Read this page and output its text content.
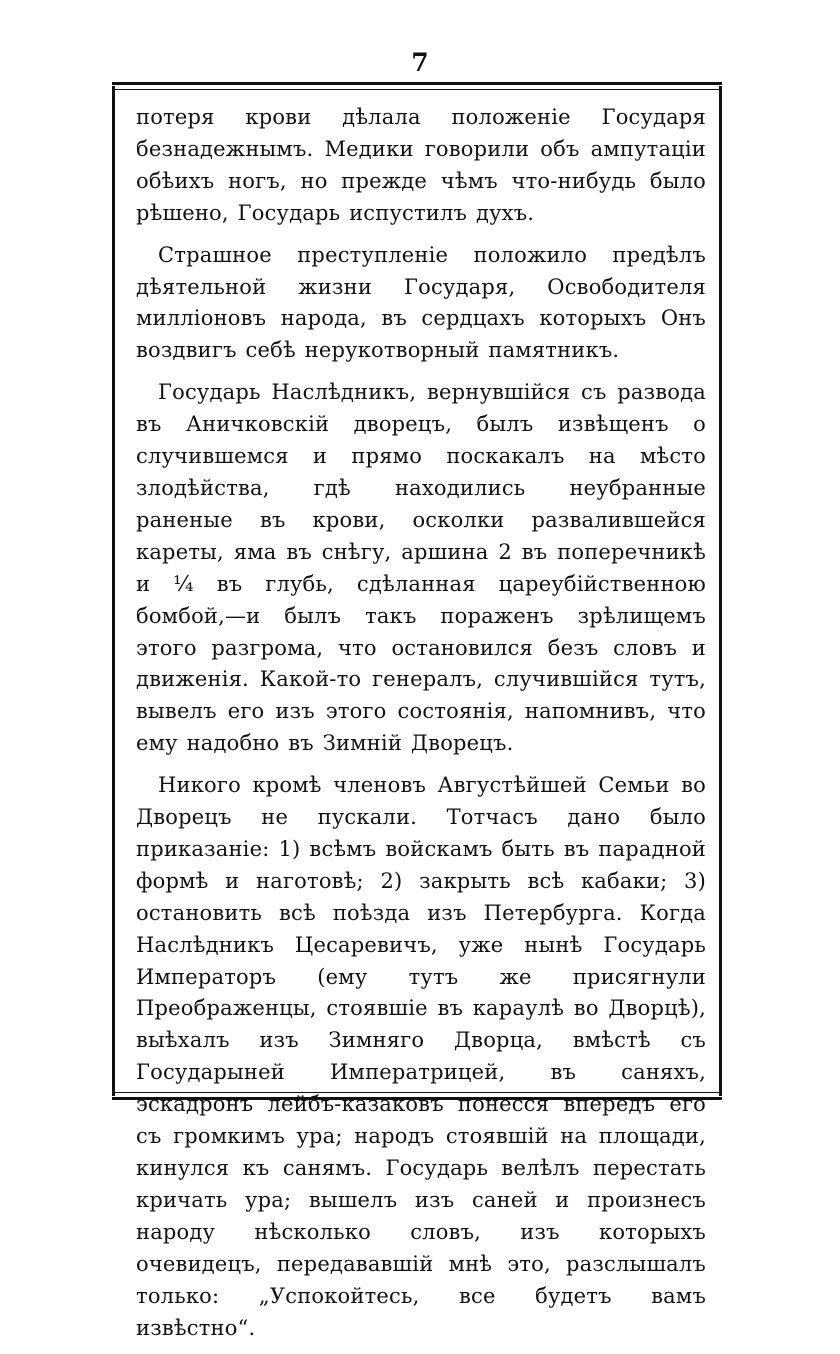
7

потеря крови дѣлала положенie Государя безнадежнымъ. Медики говорили объ ампутацiи обѣихъ ногъ, но прежде чѣмъ что-нибудь было рѣшено, Государь испустилъ духъ.

Страшное преступленie положило предѣлъ дѣятельной жизни Государя, Освободителя миллiоновъ народа, въ сердцахъ которыхъ Онъ воздвигъ себѣ нерукотворный памятникъ.

Государь Наслѣдникъ, вернувшiйся съ развода въ Аничковскiй дворецъ, былъ извѣщенъ о случившемся и прямо поскакалъ на мѣсто злодѣйства, гдѣ находились неубранные раненые въ крови, осколки развалившейся кареты, яма въ снѣгу, аршина 2 въ поперечникѣ и ¼ въ глубь, сдѣланная цареубiйственною бомбой,—и былъ такъ пораженъ зрѣлищемъ этого разгрома, что остановился безъ словъ и движенiя. Какой-то генералъ, случившiйся тутъ, вывелъ его изъ этого состоянiя, напомнивъ, что ему надобно въ Зимнiй Дворецъ.

Никого кромѣ членовъ Августѣйшей Семьи во Дворецъ не пускали. Тотчасъ дано было приказанiе: 1) всѣмъ войскамъ быть въ парадной формѣ и наготовѣ; 2) закрыть всѣ кабаки; 3) остановить всѣ поѣзда изъ Петербурга. Когда Наслѣдникъ Цесаревичъ, уже нынѣ Государь Императоръ (ему тутъ же присягнули Преображенцы, стоявшiе въ караулѣ во Дворцѣ), выѣхалъ изъ Зимняго Дворца, вмѣстѣ съ Государыней Императрицей, въ саняхъ, эскадронъ лейбъ-казаковъ понесся впередъ его съ громкимъ ура; народъ стоявшiй на площади, кинулся къ санямъ. Государь велѣлъ перестать кричать ура; вышелъ изъ саней и произнесъ народу нѣсколько словъ, изъ которыхъ очевидецъ, передававшiй мнѣ это, разслышалъ только: „Успокойтесь, все будетъ вамъ извѣстно“.
